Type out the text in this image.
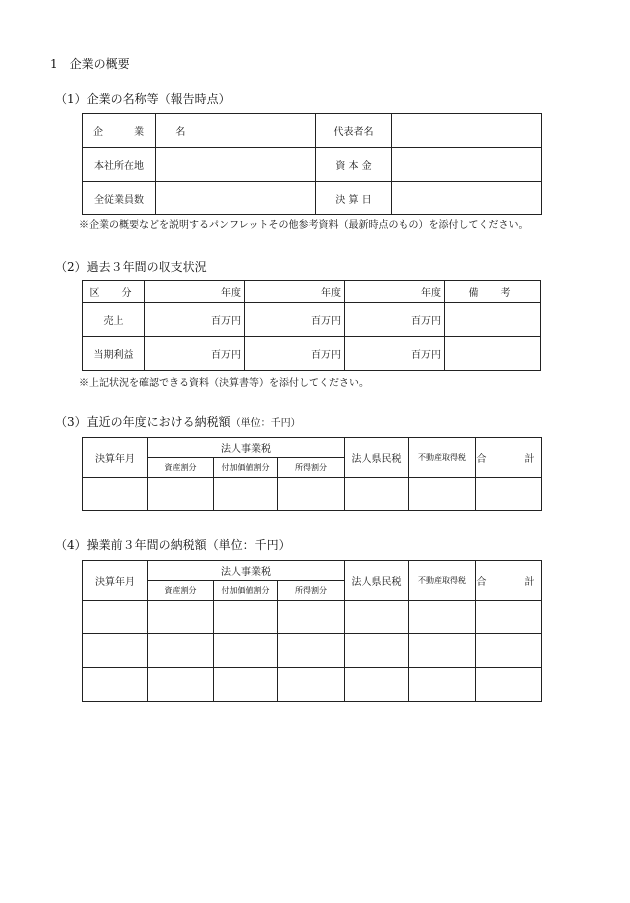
1　企業の概要
（1）企業の名称等（報告時点）
企 業 名		代表者名	
本社所在地		資 本 金	
全従業員数		決 算 日	
※企業の概要などを説明するパンフレットその他参考資料（最新時点のもの）を添付してください。
（2）過去３年間の収支状況
区　分	年度	年度	年度	備　考
売上	百万円	百万円	百万円	
当期利益	百万円	百万円	百万円	
※上記状況を確認できる資料（決算書等）を添付してください。
（3）直近の年度における納税額（単位：千円）
決算年月	法人事業税			法人県民税	不動産取得税	合　　計
	資産割分	付加価値割分	所得割分			

（4）操業前３年間の納税額（単位：千円）
決算年月	法人事業税			法人県民税	不動産取得税	合　　計
	資産割分	付加価値割分	所得割分			
